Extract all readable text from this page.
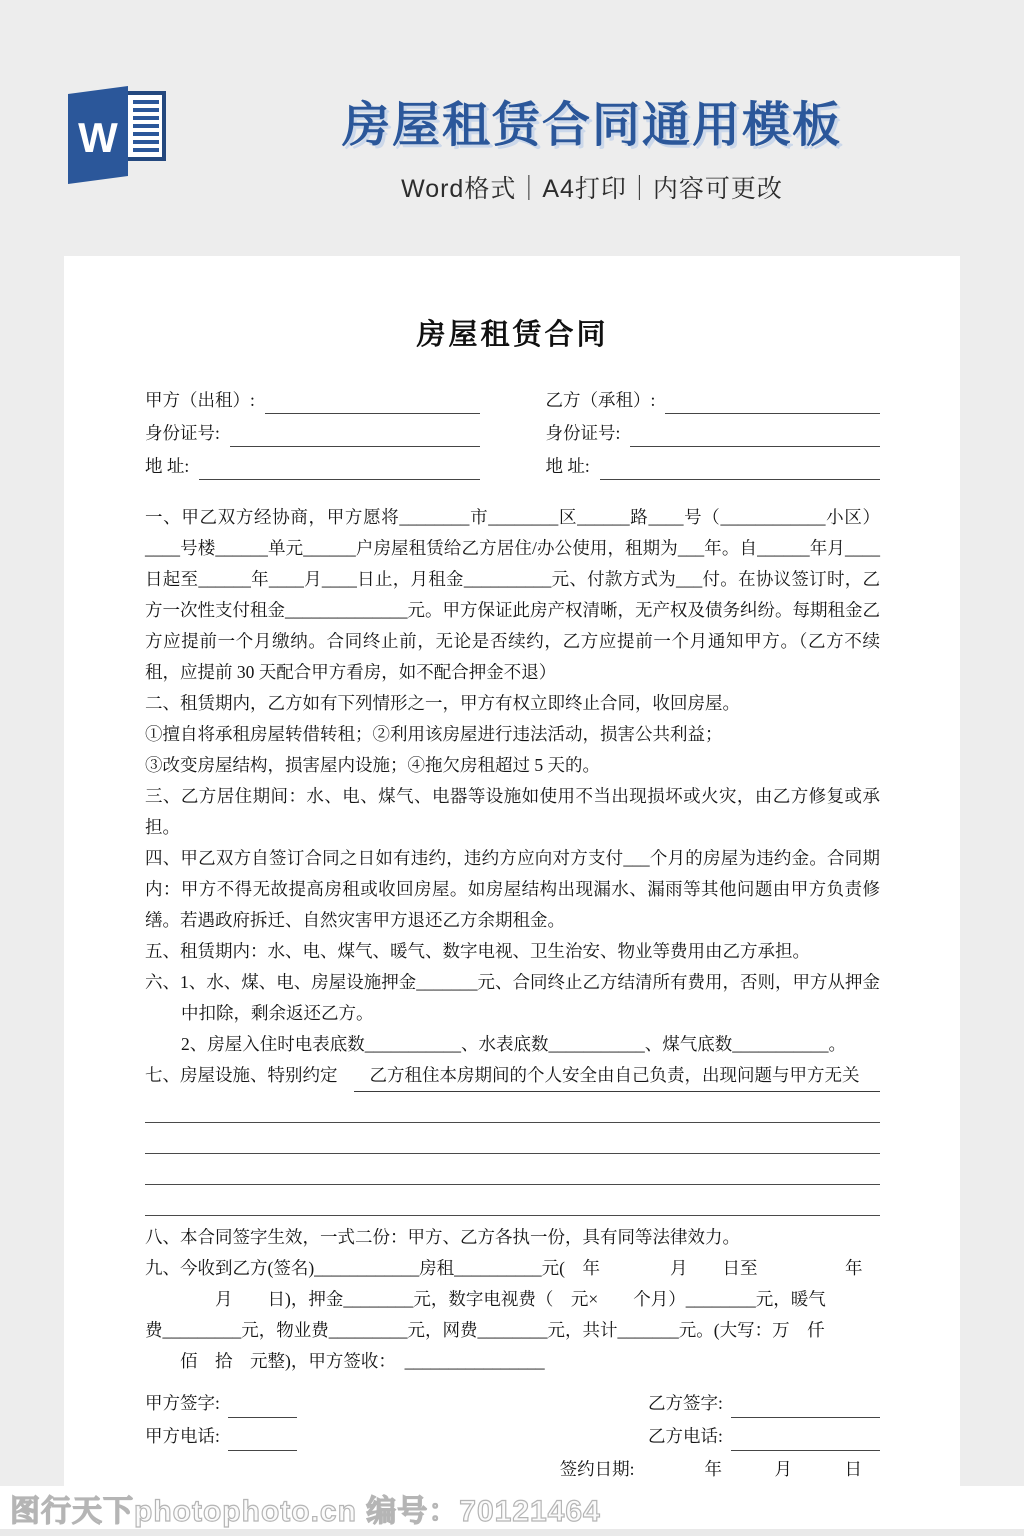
W	房屋租赁合同通用模板
Word格式｜A4打印｜内容可更改
房屋租赁合同
甲方（出租）:	乙方（承租）:
身份证号:	身份证号:
地 址:	地 址:

一、甲乙双方经协商，甲方愿将________市________区______路____号（____________小区）____号楼______单元______户房屋租赁给乙方居住/办公使用，租期为___年。自______年月____日起至______年____月____日止，月租金__________元、付款方式为___付。在协议签订时，乙方一次性支付租金______________元。甲方保证此房产权清晰，无产权及债务纠纷。每期租金乙方应提前一个月缴纳。合同终止前，无论是否续约，乙方应提前一个月通知甲方。（乙方不续租，应提前 30 天配合甲方看房，如不配合押金不退）

二、租赁期内，乙方如有下列情形之一，甲方有权立即终止合同，收回房屋。

①擅自将承租房屋转借转租；②利用该房屋进行违法活动，损害公共利益；

③改变房屋结构，损害屋内设施；④拖欠房租超过 5 天的。

三、乙方居住期间：水、电、煤气、电器等设施如使用不当出现损坏或火灾，由乙方修复或承担。

四、甲乙双方自签订合同之日如有违约，违约方应向对方支付___个月的房屋为违约金。合同期内：甲方不得无故提高房租或收回房屋。如房屋结构出现漏水、漏雨等其他问题由甲方负责修缮。若遇政府拆迁、自然灾害甲方退还乙方余期租金。

五、租赁期内：水、电、煤气、暖气、数字电视、卫生治安、物业等费用由乙方承担。

六、1、水、煤、电、房屋设施押金_______元、合同终止乙方结清所有费用，否则，甲方从押金中扣除，剩余返还乙方。

2、房屋入住时电表底数___________、水表底数___________、煤气底数___________。

七、房屋设施、特别约定	乙方租住本房期间的个人安全由自己负责，出现问题与甲方无关

八、本合同签字生效，一式二份：甲方、乙方各执一份，具有同等法律效力。

九、今收到乙方(签名)____________房租__________元(　年　　　　月　　日至　　　　　年
　　　　月　　日)，押金________元，数字电视费（　元×　　个月）________元，暖气
费_________元，物业费_________元，网费________元，共计_______元。(大写：万　仟
　　佰　拾　元整)，甲方签收：　________________
甲方签字:	乙方签字:
甲方电话:	乙方电话:
签约日期:　　　　年　　　月　　　日
图行天下photophoto.cn 编号：70121464
